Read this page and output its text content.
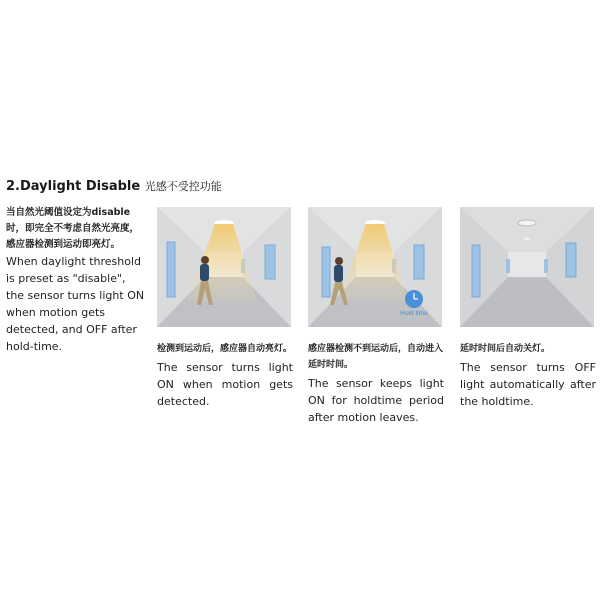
2.Daylight Disable 光感不受控功能
当自然光阈值设定为disable时，即完全不考虑自然光亮度，感应器检测到运动即亮灯。
When daylight threshold is preset as "disable", the sensor turns light ON when motion gets detected, and OFF after hold-time.
Hold time
检测到运动后，感应器自动亮灯。
The sensor turns light ON when motion gets detected.
感应器检测不到运动后，自动进入延时时间。
The sensor keeps light ON for holdtime period after motion leaves.
延时时间后自动关灯。
The sensor turns OFF light automatically after the holdtime.
